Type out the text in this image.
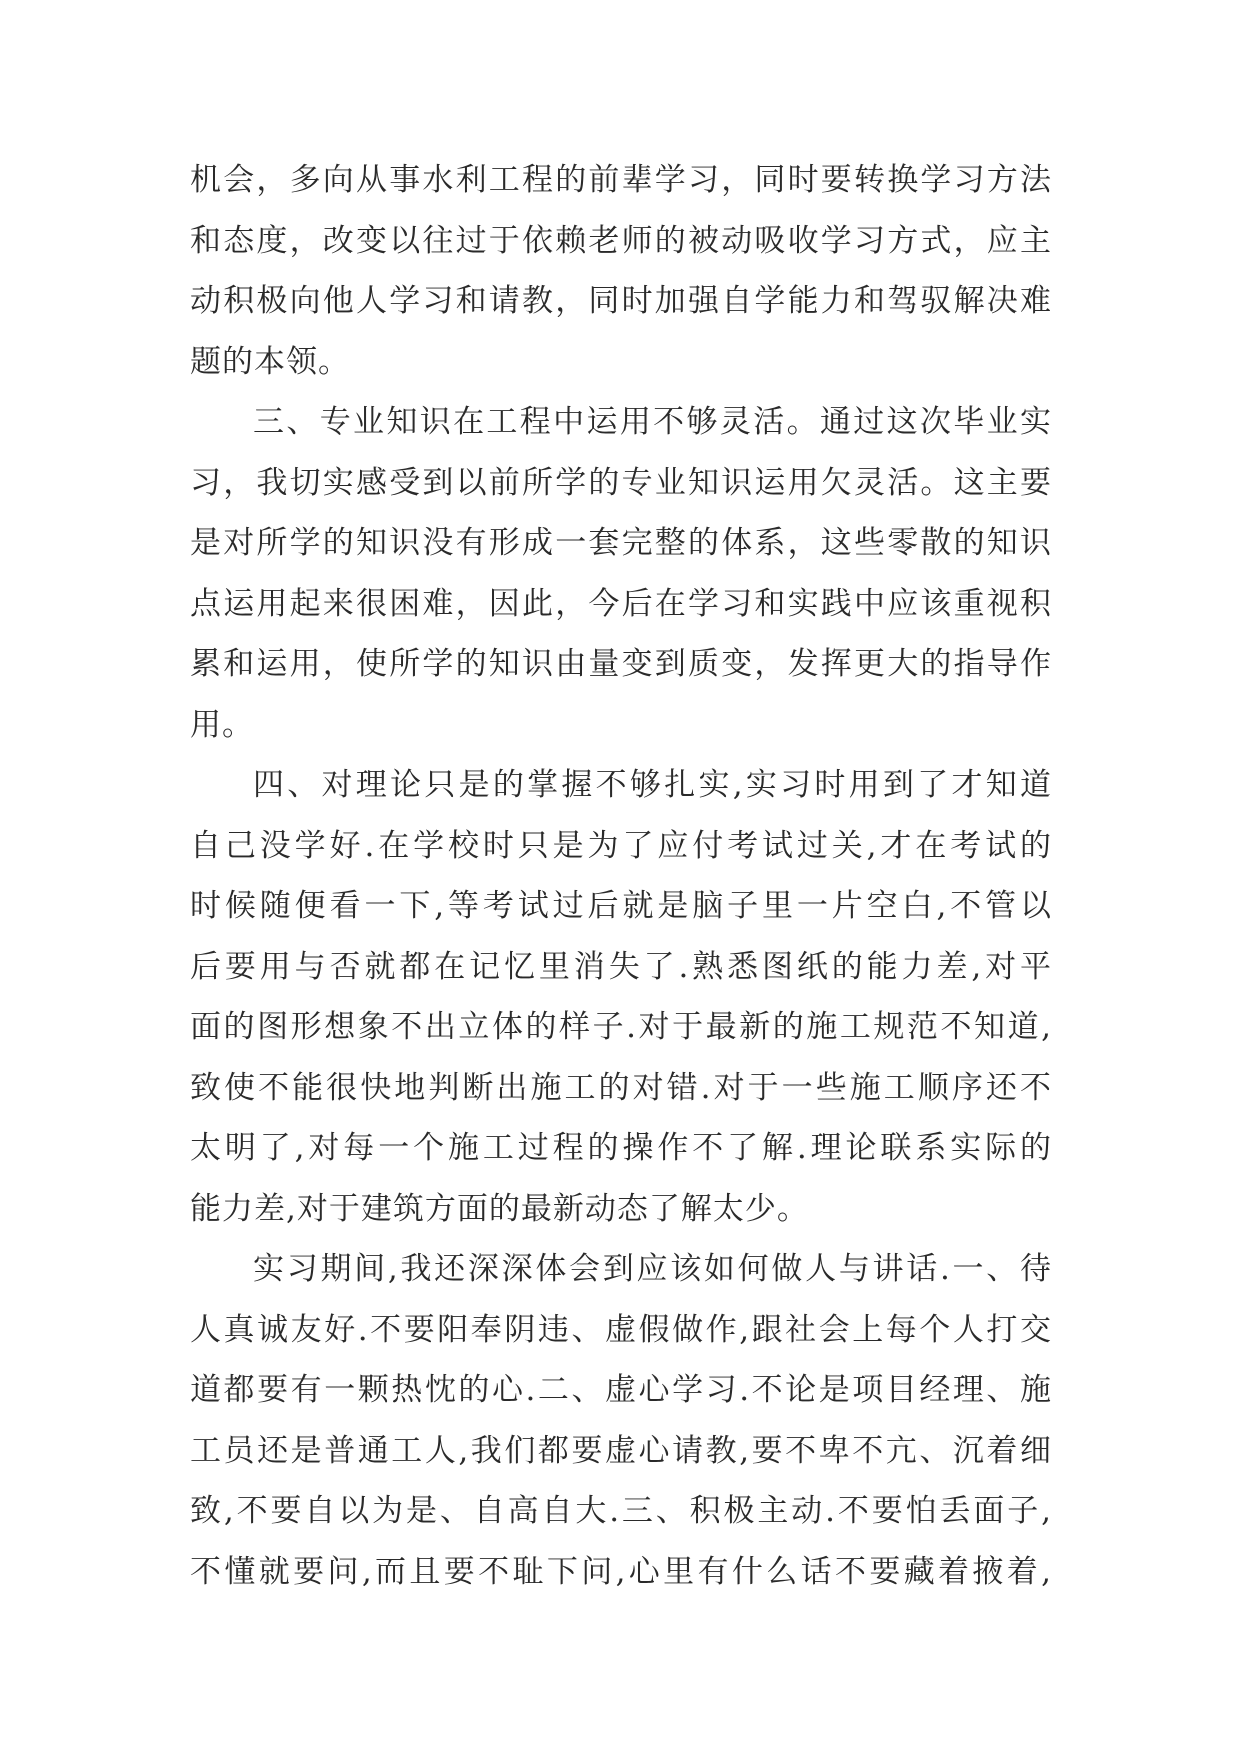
机会，多向从事水利工程的前辈学习，同时要转换学习方法
和态度，改变以往过于依赖老师的被动吸收学习方式，应主
动积极向他人学习和请教，同时加强自学能力和驾驭解决难
题的本领。
三、专业知识在工程中运用不够灵活。通过这次毕业实
习，我切实感受到以前所学的专业知识运用欠灵活。这主要
是对所学的知识没有形成一套完整的体系，这些零散的知识
点运用起来很困难，因此，今后在学习和实践中应该重视积
累和运用，使所学的知识由量变到质变，发挥更大的指导作
用。
四、对理论只是的掌握不够扎实,实习时用到了才知道
自己没学好.在学校时只是为了应付考试过关,才在考试的
时候随便看一下,等考试过后就是脑子里一片空白,不管以
后要用与否就都在记忆里消失了.熟悉图纸的能力差,对平
面的图形想象不出立体的样子.对于最新的施工规范不知道,
致使不能很快地判断出施工的对错.对于一些施工顺序还不
太明了,对每一个施工过程的操作不了解.理论联系实际的
能力差,对于建筑方面的最新动态了解太少。
实习期间,我还深深体会到应该如何做人与讲话.一、待
人真诚友好.不要阳奉阴违、虚假做作,跟社会上每个人打交
道都要有一颗热忱的心.二、虚心学习.不论是项目经理、施
工员还是普通工人,我们都要虚心请教,要不卑不亢、沉着细
致,不要自以为是、自高自大.三、积极主动.不要怕丢面子,
不懂就要问,而且要不耻下问,心里有什么话不要藏着掖着,
